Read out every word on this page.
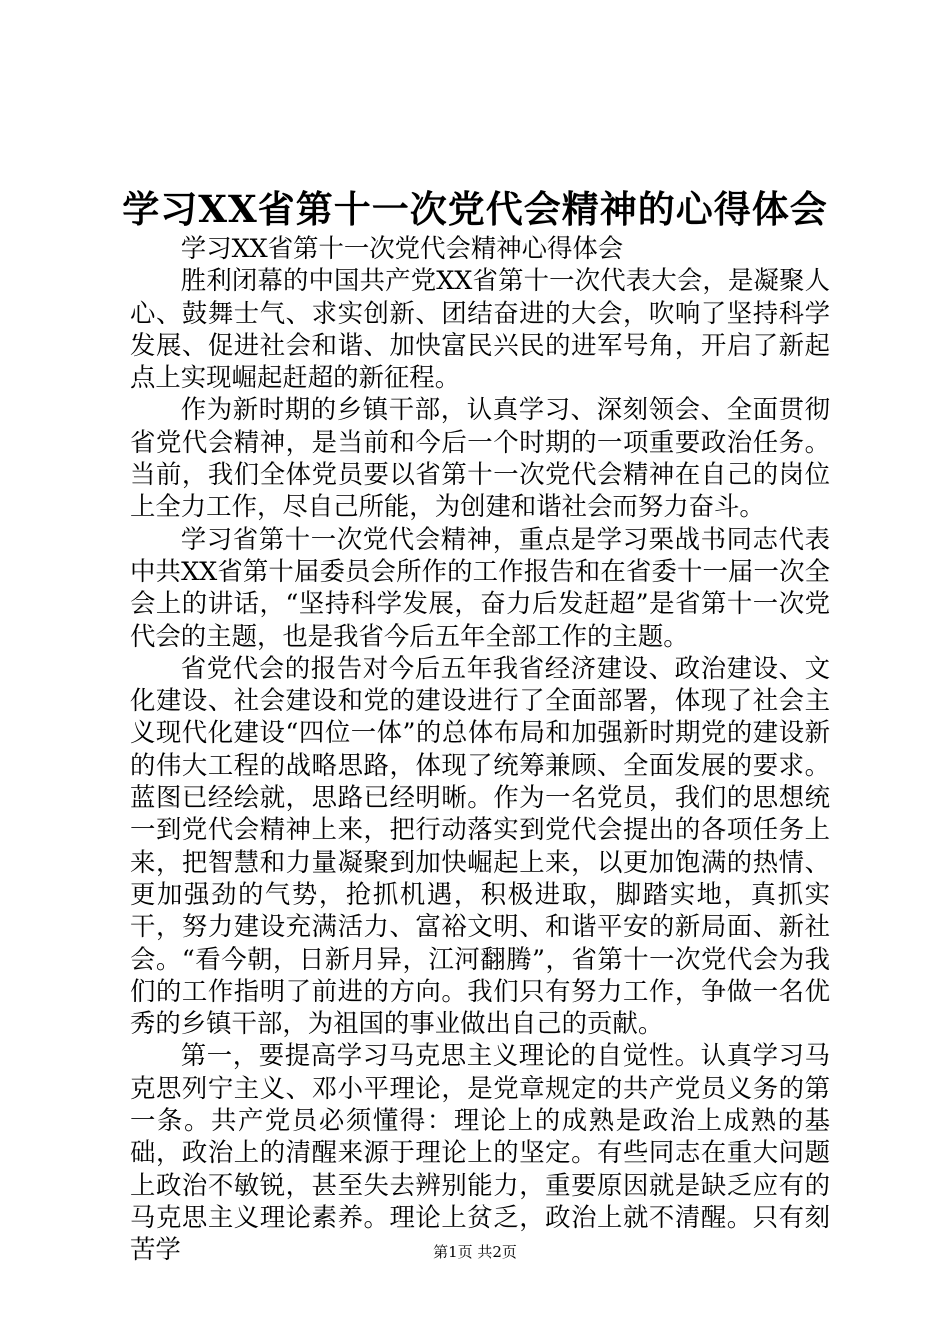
学习XX省第十一次党代会精神的心得体会

学习XX省第十一次党代会精神心得体会

胜利闭幕的中国共产党XX省第十一次代表大会，是凝聚人心、鼓舞士气、求实创新、团结奋进的大会，吹响了坚持科学发展、促进社会和谐、加快富民兴民的进军号角，开启了新起点上实现崛起赶超的新征程。

作为新时期的乡镇干部，认真学习、深刻领会、全面贯彻省党代会精神，是当前和今后一个时期的一项重要政治任务。当前，我们全体党员要以省第十一次党代会精神在自己的岗位上全力工作，尽自己所能，为创建和谐社会而努力奋斗。

学习省第十一次党代会精神，重点是学习栗战书同志代表中共XX省第十届委员会所作的工作报告和在省委十一届一次全会上的讲话，“坚持科学发展，奋力后发赶超”是省第十一次党代会的主题，也是我省今后五年全部工作的主题。

省党代会的报告对今后五年我省经济建设、政治建设、文化建设、社会建设和党的建设进行了全面部署，体现了社会主义现代化建设“四位一体”的总体布局和加强新时期党的建设新的伟大工程的战略思路，体现了统筹兼顾、全面发展的要求。蓝图已经绘就，思路已经明晰。作为一名党员，我们的思想统一到党代会精神上来，把行动落实到党代会提出的各项任务上来，把智慧和力量凝聚到加快崛起上来，以更加饱满的热情、更加强劲的气势，抢抓机遇，积极进取，脚踏实地，真抓实干，努力建设充满活力、富裕文明、和谐平安的新局面、新社会。“看今朝，日新月异，江河翻腾”，省第十一次党代会为我们的工作指明了前进的方向。我们只有努力工作，争做一名优秀的乡镇干部，为祖国的事业做出自己的贡献。

第一，要提高学习马克思主义理论的自觉性。认真学习马克思列宁主义、邓小平理论，是党章规定的共产党员义务的第一条。共产党员必须懂得：理论上的成熟是政治上成熟的基础，政治上的清醒来源于理论上的坚定。有些同志在重大问题上政治不敏锐，甚至失去辨别能力，重要原因就是缺乏应有的马克思主义理论素养。理论上贫乏，政治上就不清醒。只有刻苦学	第1页 共2页
